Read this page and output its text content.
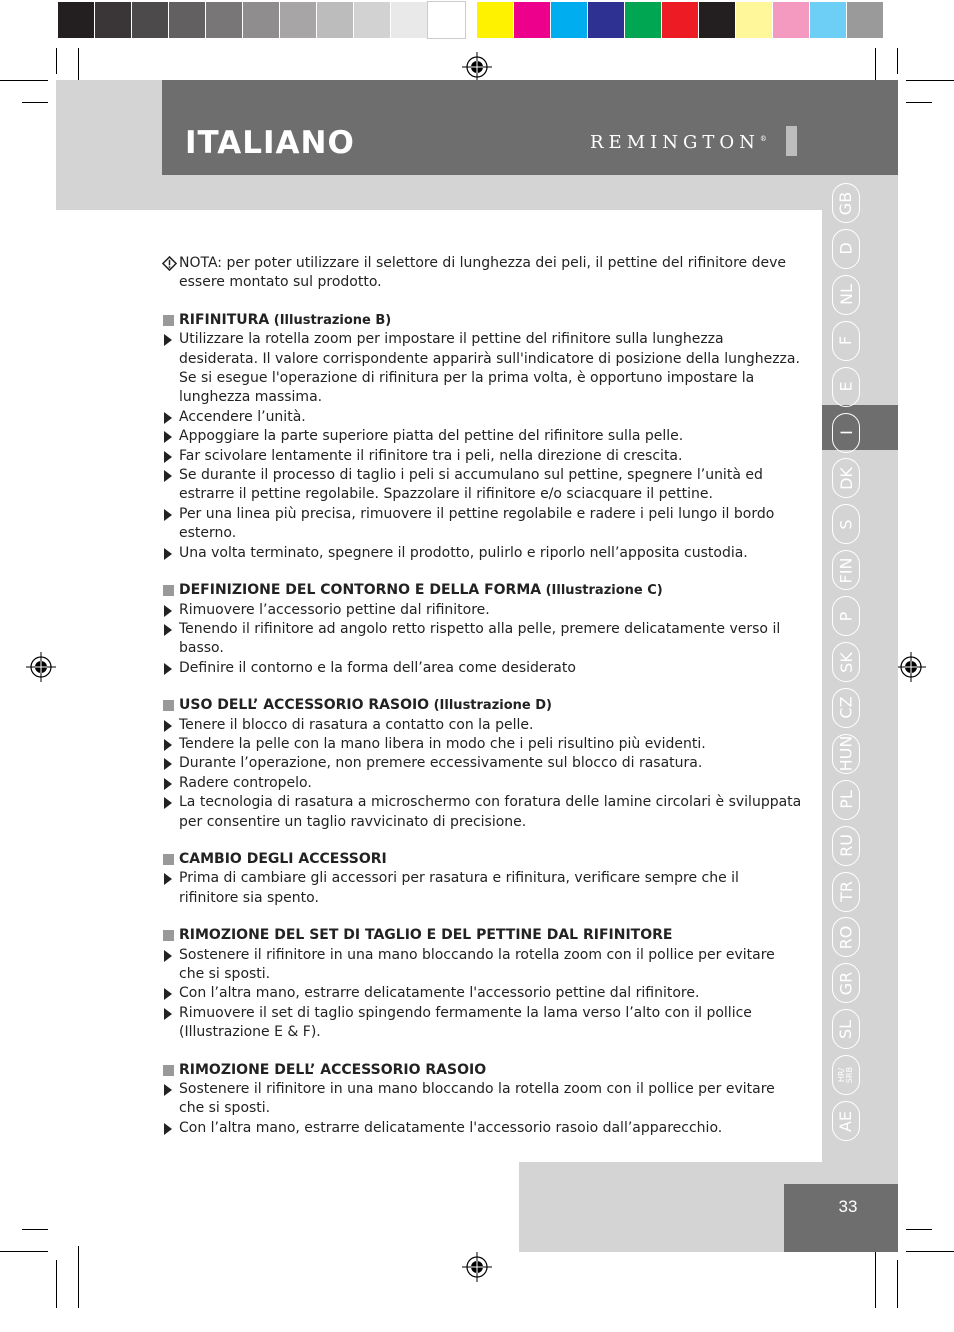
ITALIANO	REMINGTON®
GB
D
NL
F
E
I
DK
S
FIN
P
SK
CZ
HUN
PL
RU
TR
RO
GR
SL
HR/
SRB
AE
NOTA: per poter utilizzare il selettore di lunghezza dei peli, il pettine del rifinitore deve essere montato sul prodotto.
RIFINITURA (Illustrazione B)
Utilizzare la rotella zoom per impostare il pettine del rifinitore sulla lunghezza desiderata. Il valore corrispondente apparirà sull'indicatore di posizione della lunghezza. Se si esegue l'operazione di rifinitura per la prima volta, è opportuno impostare la lunghezza massima.
Accendere l’unità.
Appoggiare la parte superiore piatta del pettine del rifinitore sulla pelle.
Far scivolare lentamente il rifinitore tra i peli, nella direzione di crescita.
Se durante il processo di taglio i peli si accumulano sul pettine, spegnere l’unità ed estrarre il pettine regolabile. Spazzolare il rifinitore e/o sciacquare il pettine.
Per una linea più precisa, rimuovere il pettine regolabile e radere i peli lungo il bordo esterno.
Una volta terminato, spegnere il prodotto, pulirlo e riporlo nell’apposita custodia.
DEFINIZIONE DEL CONTORNO E DELLA FORMA (Illustrazione C)
Rimuovere l’accessorio pettine dal rifinitore.
Tenendo il rifinitore ad angolo retto rispetto alla pelle, premere delicatamente verso il basso.
Definire il contorno e la forma dell’area come desiderato
USO DELL’ ACCESSORIO RASOIO (Illustrazione D)
Tenere il blocco di rasatura a contatto con la pelle.
Tendere la pelle con la mano libera in modo che i peli risultino più evidenti.
Durante l’operazione, non premere eccessivamente sul blocco di rasatura.
Radere contropelo.
La tecnologia di rasatura a microschermo con foratura delle lamine circolari è sviluppata per consentire un taglio ravvicinato di precisione.
CAMBIO DEGLI ACCESSORI
Prima di cambiare gli accessori per rasatura e rifinitura, verificare sempre che il rifinitore sia spento.
RIMOZIONE DEL SET DI TAGLIO E DEL PETTINE DAL RIFINITORE
Sostenere il rifinitore in una mano bloccando la rotella zoom con il pollice per evitare che si sposti.
Con l’altra mano, estrarre delicatamente l'accessorio pettine dal rifinitore.
Rimuovere il set di taglio spingendo fermamente la lama verso l’alto con il pollice (Illustrazione E & F).
RIMOZIONE DELL’ ACCESSORIO RASOIO
Sostenere il rifinitore in una mano bloccando la rotella zoom con il pollice per evitare che si sposti.
Con l’altra mano, estrarre delicatamente l'accessorio rasoio dall’apparecchio.
33
